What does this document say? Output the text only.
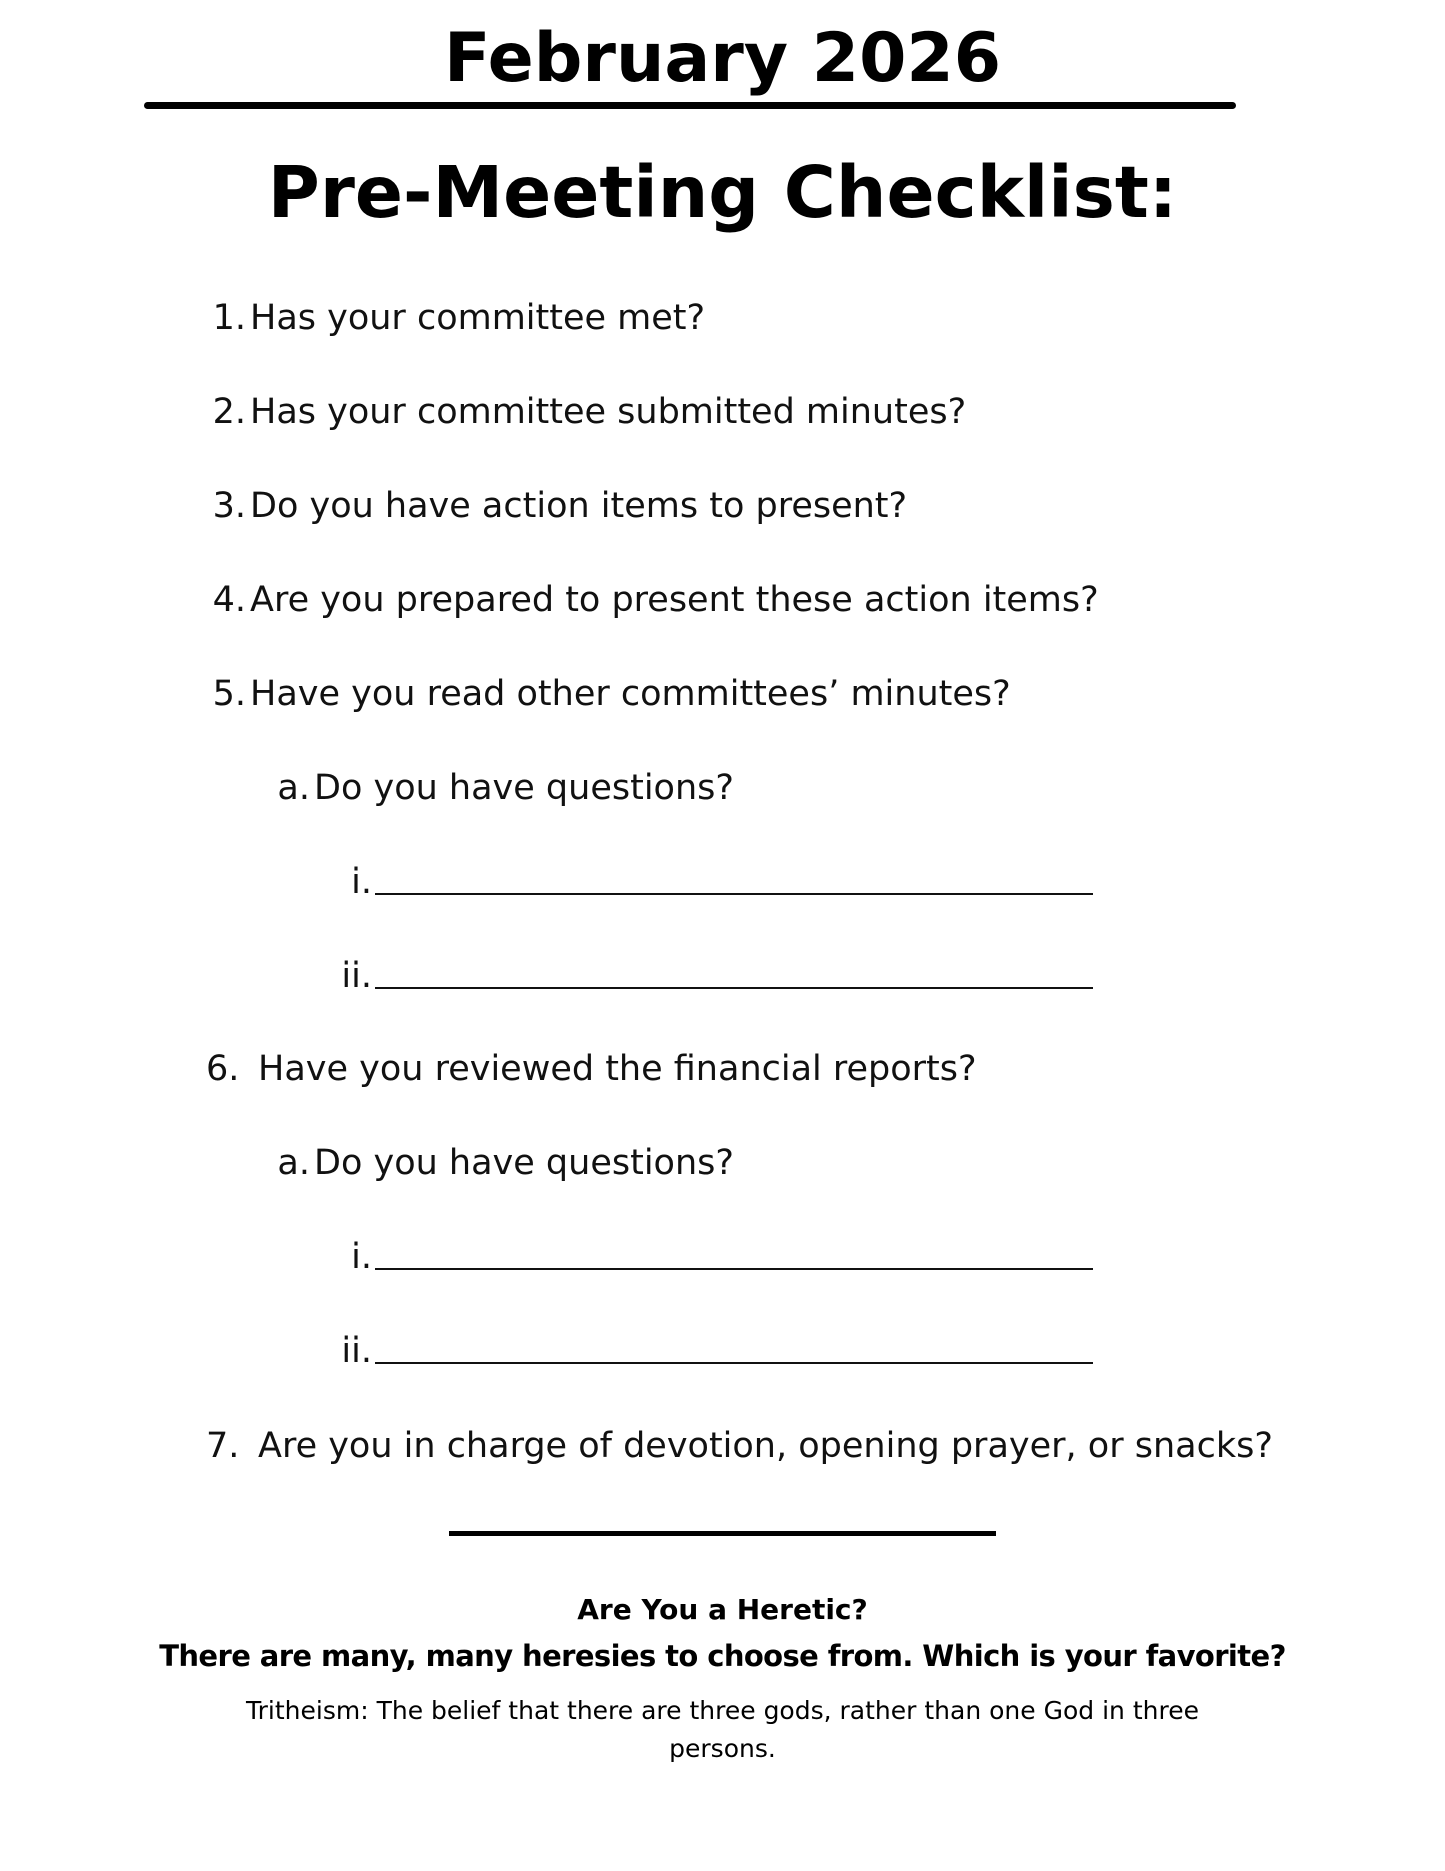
February 2026
Pre-Meeting Checklist:
1. Has your committee met?
2. Has your committee submitted minutes?
3. Do you have action items to present?
4. Are you prepared to present these action items?
5. Have you read other committees’ minutes?
a. Do you have questions?
i.
ii.
6. Have you reviewed the financial reports?
a. Do you have questions?
i.
ii.
7. Are you in charge of devotion, opening prayer, or snacks?
Are You a Heretic?
There are many, many heresies to choose from. Which is your favorite?
Tritheism: The belief that there are three gods, rather than one God in three
persons.
